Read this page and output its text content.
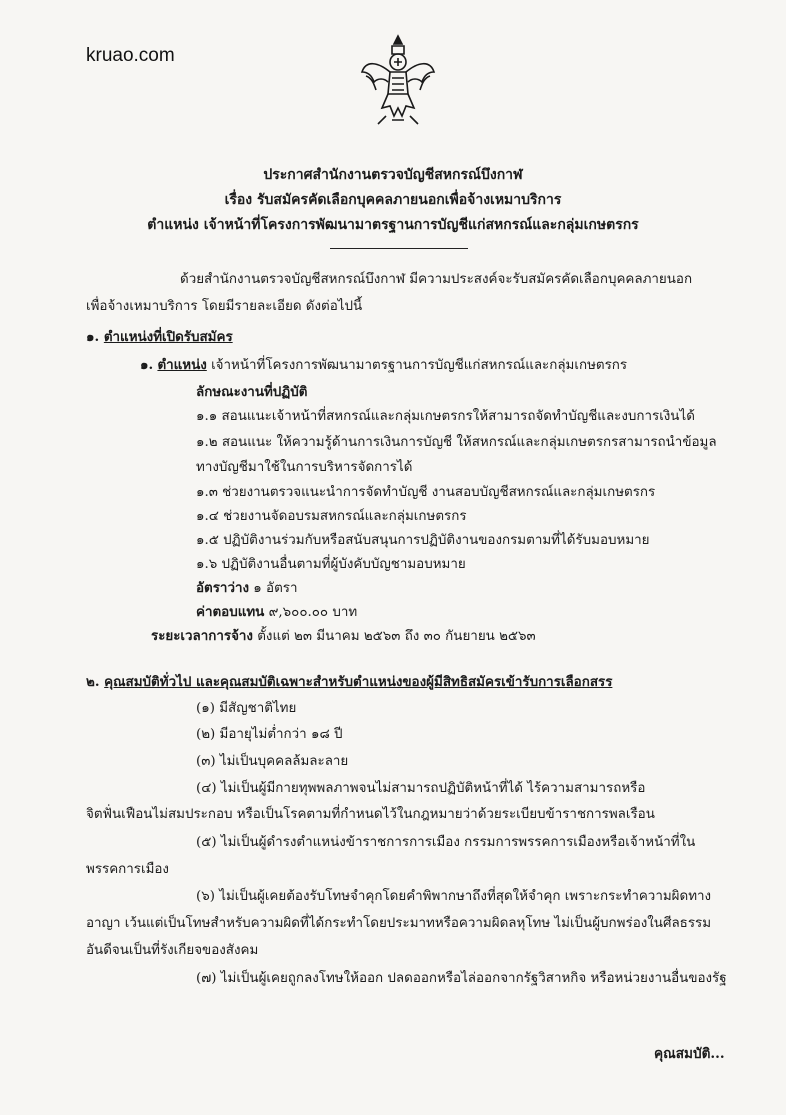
kruao.com
ประกาศสำนักงานตรวจบัญชีสหกรณ์บึงกาฬ
เรื่อง รับสมัครคัดเลือกบุคคลภายนอกเพื่อจ้างเหมาบริการ
ตำแหน่ง เจ้าหน้าที่โครงการพัฒนามาตรฐานการบัญชีแก่สหกรณ์และกลุ่มเกษตรกร
ด้วยสำนักงานตรวจบัญชีสหกรณ์บึงกาฬ มีความประสงค์จะรับสมัครคัดเลือกบุคคลภายนอก
เพื่อจ้างเหมาบริการ โดยมีรายละเอียด ดังต่อไปนี้
๑. ตำแหน่งที่เปิดรับสมัคร
๑. ตำแหน่ง เจ้าหน้าที่โครงการพัฒนามาตรฐานการบัญชีแก่สหกรณ์และกลุ่มเกษตรกร
ลักษณะงานที่ปฏิบัติ
๑.๑ สอนแนะเจ้าหน้าที่สหกรณ์และกลุ่มเกษตรกรให้สามารถจัดทำบัญชีและงบการเงินได้
๑.๒ สอนแนะ ให้ความรู้ด้านการเงินการบัญชี ให้สหกรณ์และกลุ่มเกษตรกรสามารถนำข้อมูล
ทางบัญชีมาใช้ในการบริหารจัดการได้
๑.๓ ช่วยงานตรวจแนะนำการจัดทำบัญชี งานสอบบัญชีสหกรณ์และกลุ่มเกษตรกร
๑.๔ ช่วยงานจัดอบรมสหกรณ์และกลุ่มเกษตรกร
๑.๕ ปฏิบัติงานร่วมกับหรือสนับสนุนการปฏิบัติงานของกรมตามที่ได้รับมอบหมาย
๑.๖ ปฏิบัติงานอื่นตามที่ผู้บังคับบัญชามอบหมาย
อัตราว่าง ๑ อัตรา
ค่าตอบแทน ๙,๖๐๐.๐๐ บาท
ระยะเวลาการจ้าง ตั้งแต่ ๒๓ มีนาคม ๒๕๖๓ ถึง ๓๐ กันยายน ๒๕๖๓
๒. คุณสมบัติทั่วไป และคุณสมบัติเฉพาะสำหรับตำแหน่งของผู้มีสิทธิสมัครเข้ารับการเลือกสรร
(๑) มีสัญชาติไทย
(๒) มีอายุไม่ต่ำกว่า ๑๘ ปี
(๓) ไม่เป็นบุคคลล้มละลาย
(๔) ไม่เป็นผู้มีกายทุพพลภาพจนไม่สามารถปฏิบัติหน้าที่ได้ ไร้ความสามารถหรือ
จิตฟั่นเฟือนไม่สมประกอบ หรือเป็นโรคตามที่กำหนดไว้ในกฎหมายว่าด้วยระเบียบข้าราชการพลเรือน
(๕) ไม่เป็นผู้ดำรงตำแหน่งข้าราชการการเมือง กรรมการพรรคการเมืองหรือเจ้าหน้าที่ใน
พรรคการเมือง
(๖) ไม่เป็นผู้เคยต้องรับโทษจำคุกโดยคำพิพากษาถึงที่สุดให้จำคุก เพราะกระทำความผิดทาง
อาญา เว้นแต่เป็นโทษสำหรับความผิดที่ได้กระทำโดยประมาทหรือความผิดลหุโทษ ไม่เป็นผู้บกพร่องในศีลธรรม
อันดีจนเป็นที่รังเกียจของสังคม
(๗) ไม่เป็นผู้เคยถูกลงโทษให้ออก ปลดออกหรือไล่ออกจากรัฐวิสาหกิจ หรือหน่วยงานอื่นของรัฐ
คุณสมบัติ...
